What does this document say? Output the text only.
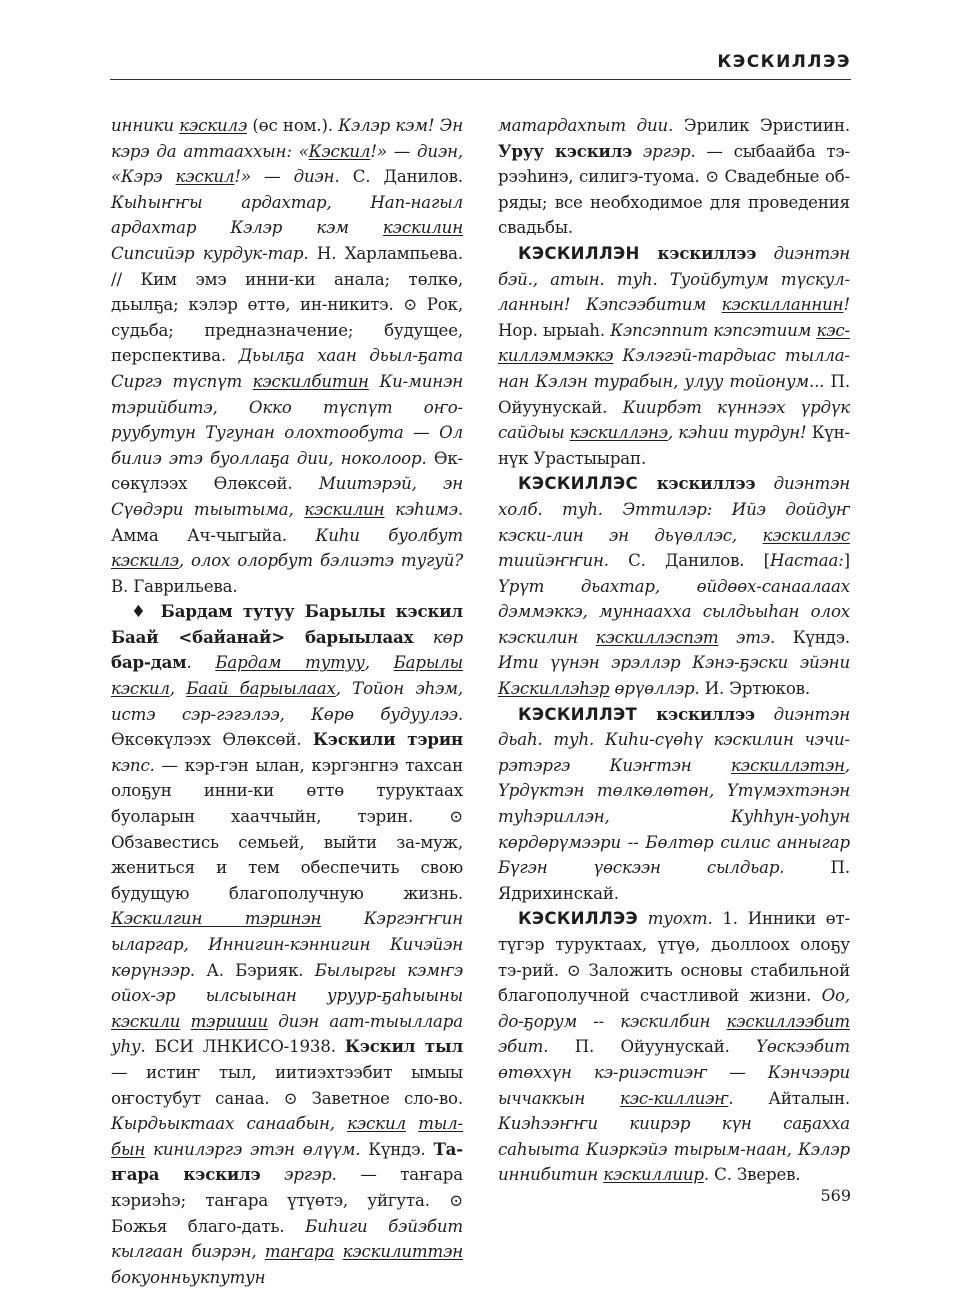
КЭСКИЛЛЭЭ

инники кэскилэ (өс ном.). Кэлэр кэм! Эн кэрэ да аттааххын: «Кэскил!» — диэн, «Кэрэ кэскил!» — диэн. С. Данилов. Кыһыҥҥы ардахтар, Нап-нагыл ардахтар Кэлэр кэм кэскилин Сипсийэр курдук-тар. Н. Харлампьева. // Ким эмэ инни-ки анала; төлкө, дьылҕа; кэлэр өттө, ин-никитэ. ⊙ Рок, судьба; предназначение; будущее, перспектива. Дьылҕа хаан дьыл-ҕата Сиргэ түспүт кэскилбитин Ки-минэн тэрийбитэ, Окко түспүт оҥо-руубутун Тугунан олохтообута — Ол билиэ этэ буоллаҕа дии, ноколоор. Өк-сөкүлээх Өлөксөй. Миитэрэй, эн Сүөдэри тыытыма, кэскилин кэһимэ. Амма Ач-чыгыйа. Киһи буолбут кэскилэ, олох олорбут бэлиэтэ тугуй? В. Гаврильева.

♦ Бардам тутуу Барылы кэскил Баай <байанай> барыылаах көр бар-дам. Бардам тутуу, Барылы кэскил, Баай барыылаах, Тойон эһэм, истэ сэр-гэгэлээ, Көрө будуулээ. Өксөкүлээх Өлөксөй. Кэскили тэрин кэпс. — кэр-гэн ылан, кэргэнгнэ тахсан олоҕун инни-ки өттө туруктаах буоларын хааччыйн, тэрин. ⊙ Обзавестись семьей, выйти за-муж, жениться и тем обеспечить свою будущую благополучную жизнь. Кэскилгин тэринэн Кэргэҥҥин ыларгар, Иннигин-кэннигин Кичэйэн көрүнээр. А. Бэрияк. Былыргы кэмҥэ ойох-эр ылсыынан уруур-ҕаһыыны кэскили тэрииии диэн аат-тыыллара уһу. БСИ ЛНКИСО-1938. Кэскил тыл — истиҥ тыл, иитиэхтээбит ымыы оҥостубут санаа. ⊙ Заветное сло-во. Кырдьыктаах санаабын, кэскил тыл-бын кинилэргэ этэн өлүүм. Күндэ. Та-ҥара кэскилэ эргэр. — таҥара кэриэһэ; таҥара үтүөтэ, уйгута. ⊙ Божья благо-дать. Биһиги бэйэбит кылгаан биэрэн, таҥара кэскилиттэн бокуонньукпутун

матардахпыт дии. Эрилик Эристиин. Уруу кэскилэ эргэр. — сыбаайба тэ-рээһинэ, силигэ-туома. ⊙ Свадебные об-ряды; все необходимое для проведения свадьбы.

КЭСКИЛЛЭН кэскиллээ диэнтэн бэй., атын. туһ. Туойбутум түскул-ланнын! Кэпсээбитим кэскилланнин! Нор. ырыаһ. Кэпсэппит кэпсэтиим кэс-киллэммэккэ Кэлэгэй-тардыас тылла-нан Кэлэн турабын, улуу тойонум... П. Ойуунускай. Киирбэт күннээх үрдүк сайдыы кэскиллэнэ, кэһии турдун! Күн-нүк Урастыырап.

КЭСКИЛЛЭС кэскиллээ диэнтэн холб. туһ. Эттилэр: Ийэ дойдуҥ кэски-лин эн дьүөллэс, кэскиллэс тиийэҥҥин. С. Данилов. [Настаа:] Үрүт дьахтар, өйдөөх-санаалаах дэммэккэ, муннаахха сылдьыһан олох кэскилин кэскиллэспэт этэ. Күндэ. Ити үүнэн эрэллэр Кэнэ-ҕэски эйэни Кэскиллэһэр өрүөллэр. И. Эртюков.

КЭСКИЛЛЭТ кэскиллээ диэнтэн дьаһ. туһ. Киһи-сүөһү кэскилин чэчи-рэтэргэ Киэҥтэн кэскиллэтэн, Үрдүктэн төлкөлөтөн, Үтүмэхтэнэн туһэриллэн, Куһһун-уоһун көрдөрүмээри -- Бөлтөр силис анныгар Бүгэн үөскээн сылдьар. П. Ядрихинскай.

КЭСКИЛЛЭЭ туохт. 1. Инники өт-түгэр туруктаах, үтүө, дьоллоох олоҕу тэ-рий. ⊙ Заложить основы стабильной благополучной счастливой жизни. Оо, до-ҕорум -- кэскилбин кэскиллээбит эбит. П. Ойуунускай. Үөскээбит өтөххүн кэ-риэстиэҥ — Кэнчээри ыччаккын кэс-киллиэҥ. Айталын. Киэһээҥҥи киирэр күн саҕахха саһыыта Киэркэйэ тырым-наан, Кэлэр иннибитин кэскиллиир. С. Зверев.

569
